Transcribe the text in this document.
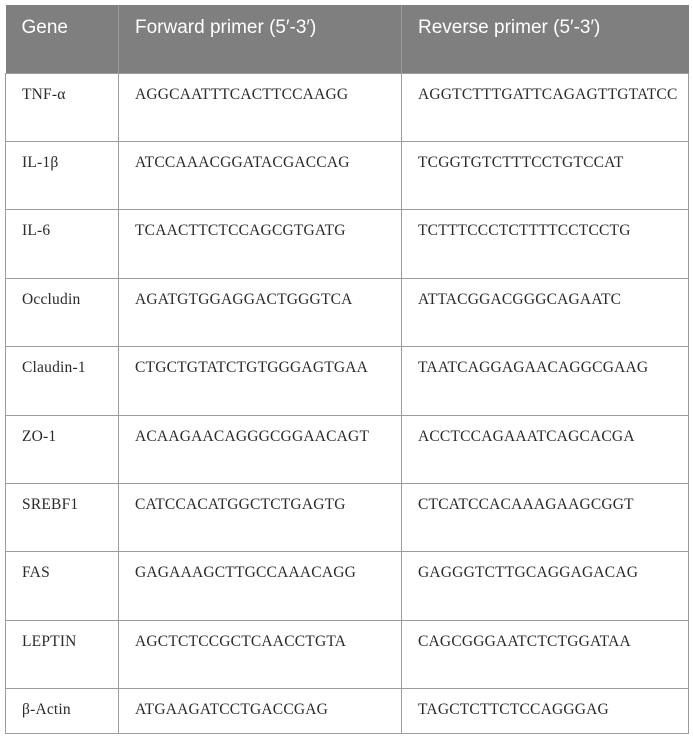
Gene	Forward primer (5′-3′)	Reverse primer (5′-3′)
TNF-α	AGGCAATTTCACTTCCAAGG	AGGTCTTTGATTCAGAGTTGTATCC
IL-1β	ATCCAAACGGATACGACCAG	TCGGTGTCTTTCCTGTCCAT
IL-6	TCAACTTCTCCAGCGTGATG	TCTTTCCCTCTTTTCCTCCTG
Occludin	AGATGTGGAGGACTGGGTCA	ATTACGGACGGGCAGAATC
Claudin-1	CTGCTGTATCTGTGGGAGTGAA	TAATCAGGAGAACAGGCGAAG
ZO-1	ACAAGAACAGGGCGGAACAGT	ACCTCCAGAAATCAGCACGA
SREBF1	CATCCACATGGCTCTGAGTG	CTCATCCACAAAGAAGCGGT
FAS	GAGAAAGCTTGCCAAACAGG	GAGGGTCTTGCAGGAGACAG
LEPTIN	AGCTCTCCGCTCAACCTGTA	CAGCGGGAATCTCTGGATAA
β-Actin	ATGAAGATCCTGACCGAG	TAGCTCTTCTCCAGGGAG
